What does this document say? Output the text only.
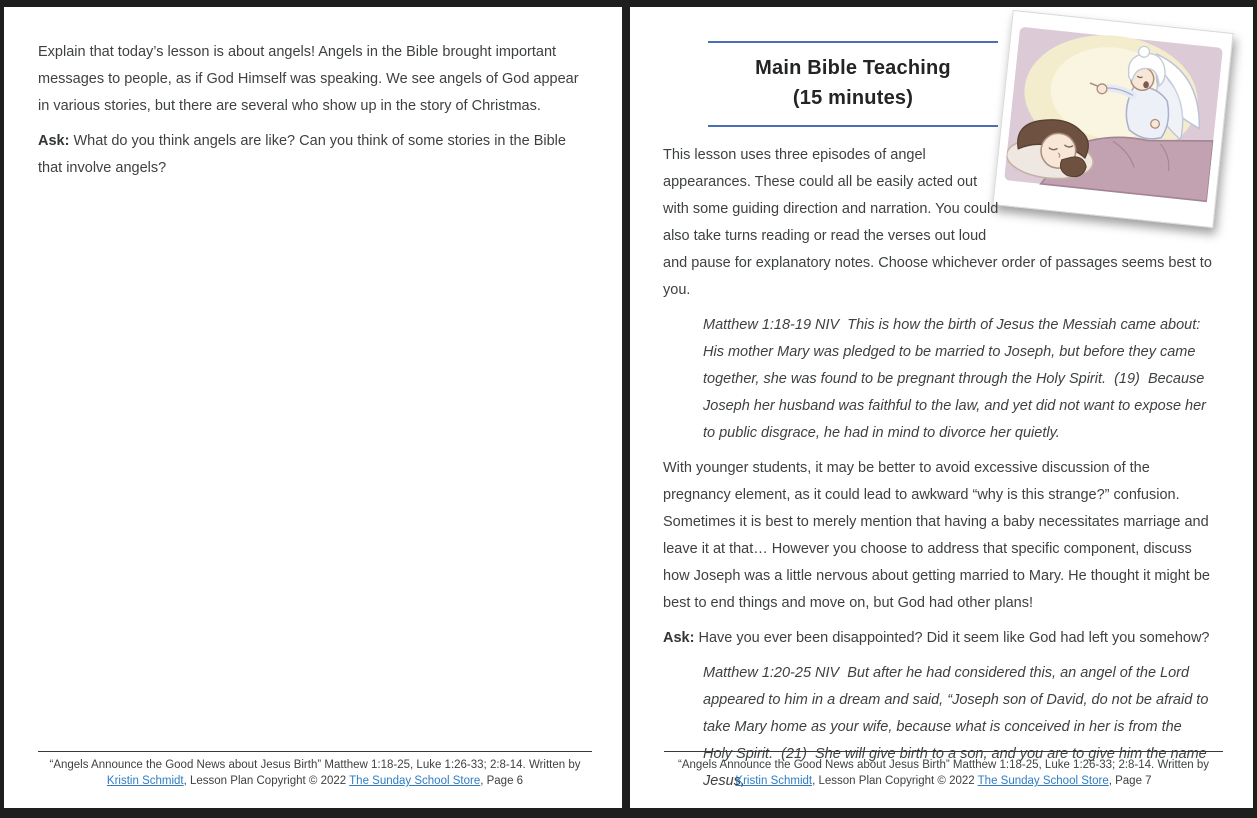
Explain that today’s lesson is about angels! Angels in the Bible brought important messages to people, as if God Himself was speaking. We see angels of God appear in various stories, but there are several who show up in the story of Christmas.

Ask: What do you think angels are like? Can you think of some stories in the Bible that involve angels?

“Angels Announce the Good News about Jesus Birth” Matthew 1:18-25, Luke 1:26-33; 2:8-14. Written by Kristin Schmidt, Lesson Plan Copyright © 2022 The Sunday School Store, Page 6
Main Bible Teaching
(15 minutes)

This lesson uses three episodes of angel appearances. These could all be easily acted out with some guiding direction and narration. You could also take turns reading or read the verses out loud and pause for explanatory notes. Choose whichever order of passages seems best to you.

Matthew 1:18-19 NIV  This is how the birth of Jesus the Messiah came about: His mother Mary was pledged to be married to Joseph, but before they came together, she was found to be pregnant through the Holy Spirit.  (19)  Because Joseph her husband was faithful to the law, and yet did not want to expose her to public disgrace, he had in mind to divorce her quietly.

With younger students, it may be better to avoid excessive discussion of the pregnancy element, as it could lead to awkward “why is this strange?” confusion. Sometimes it is best to merely mention that having a baby necessitates marriage and leave it at that… However you choose to address that specific component, discuss how Joseph was a little nervous about getting married to Mary. He thought it might be best to end things and move on, but God had other plans!

Ask: Have you ever been disappointed? Did it seem like God had left you somehow?

Matthew 1:20-25 NIV  But after he had considered this, an angel of the Lord appeared to him in a dream and said, “Joseph son of David, do not be afraid to take Mary home as your wife, because what is conceived in her is from the Holy Spirit.  (21)  She will give birth to a son, and you are to give him the name Jesus,

“Angels Announce the Good News about Jesus Birth” Matthew 1:18-25, Luke 1:26-33; 2:8-14. Written by Kristin Schmidt, Lesson Plan Copyright © 2022 The Sunday School Store, Page 7
